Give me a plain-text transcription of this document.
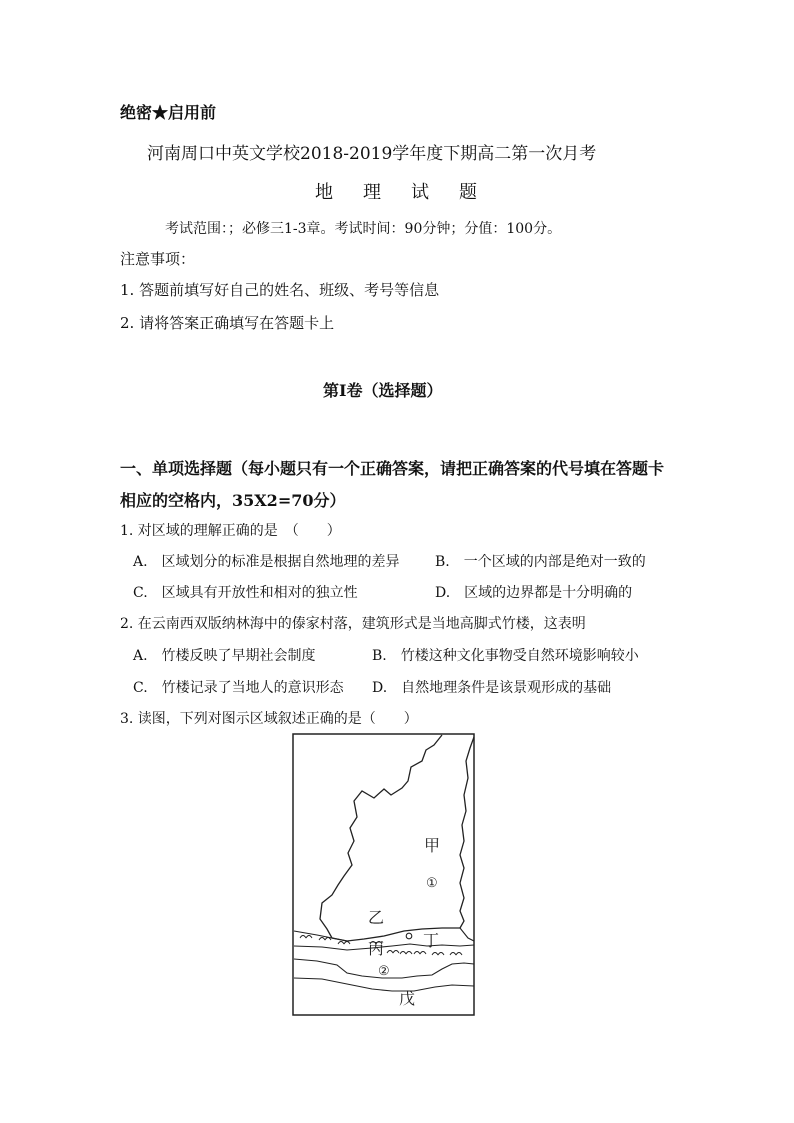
绝密★启用前
河南周口中英文学校2018-2019学年度下期高二第一次月考
地理试题
考试范围：；必修三1-3章。考试时间：90分钟；分值：100分。
注意事项：
1. 答题前填写好自己的姓名、班级、考号等信息
2. 请将答案正确填写在答题卡上
第Ⅰ卷（选择题）
一、单项选择题（每小题只有一个正确答案，请把正确答案的代号填在答题卡
相应的空格内，35X2=70分）
1. 对区域的理解正确的是　（　　）
A.　区域划分的标准是根据自然地理的差异	B.　一个区域的内部是绝对一致的
C.　区域具有开放性和相对的独立性	D.　区域的边界都是十分明确的
2. 在云南西双版纳林海中的傣家村落，建筑形式是当地高脚式竹楼，这表明
A.　竹楼反映了早期社会制度	B.　竹楼这种文化事物受自然环境影响较小
C.　竹楼记录了当地人的意识形态 D.　自然地理条件是该景观形成的基础
3. 读图，下列对图示区域叙述正确的是（　　）
甲
①
乙
丙 丁
②
戊
